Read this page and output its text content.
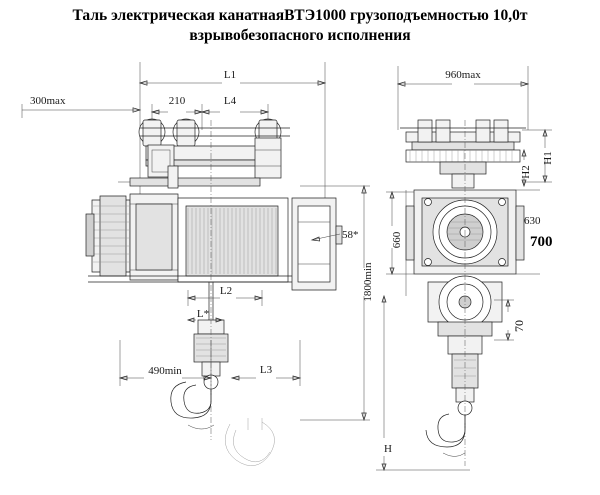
Таль электрическая канатнаяВТЭ1000 грузоподъемностью 10,0т
взрывобезопасного исполнения
L1
300max	210	L4
L2
L*
L3
490min
58*
1800min
960max
H1
H2
660
630
700
70
H
